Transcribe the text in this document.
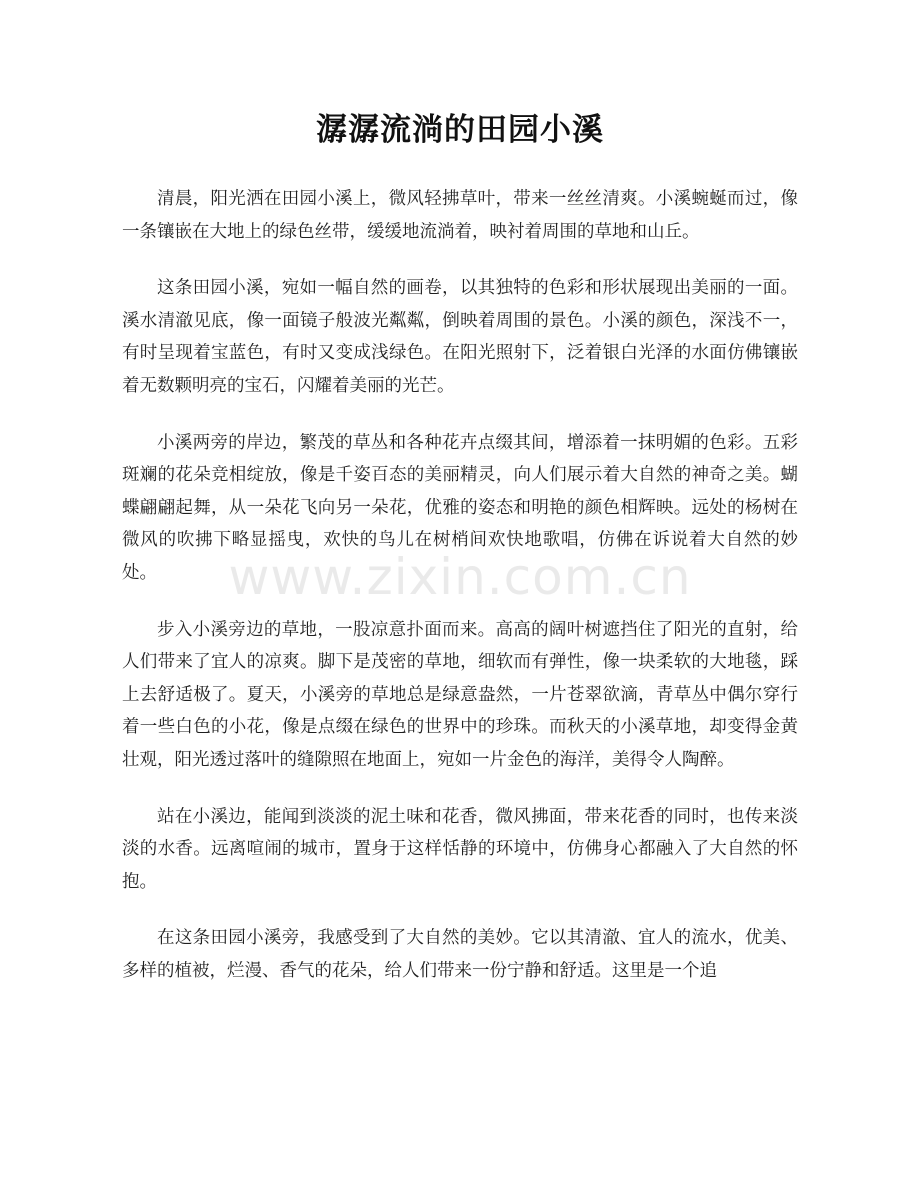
潺潺流淌的田园小溪

清晨，阳光洒在田园小溪上，微风轻拂草叶，带来一丝丝清爽。小溪蜿蜒而过，像一条镶嵌在大地上的绿色丝带，缓缓地流淌着，映衬着周围的草地和山丘。

这条田园小溪，宛如一幅自然的画卷，以其独特的色彩和形状展现出美丽的一面。溪水清澈见底，像一面镜子般波光粼粼，倒映着周围的景色。小溪的颜色，深浅不一，有时呈现着宝蓝色，有时又变成浅绿色。在阳光照射下，泛着银白光泽的水面仿佛镶嵌着无数颗明亮的宝石，闪耀着美丽的光芒。

小溪两旁的岸边，繁茂的草丛和各种花卉点缀其间，增添着一抹明媚的色彩。五彩斑斓的花朵竞相绽放，像是千姿百态的美丽精灵，向人们展示着大自然的神奇之美。蝴蝶翩翩起舞，从一朵花飞向另一朵花，优雅的姿态和明艳的颜色相辉映。远处的杨树在微风的吹拂下略显摇曳，欢快的鸟儿在树梢间欢快地歌唱，仿佛在诉说着大自然的妙处。

步入小溪旁边的草地，一股凉意扑面而来。高高的阔叶树遮挡住了阳光的直射，给人们带来了宜人的凉爽。脚下是茂密的草地，细软而有弹性，像一块柔软的大地毯，踩上去舒适极了。夏天，小溪旁的草地总是绿意盎然，一片苍翠欲滴，青草丛中偶尔穿行着一些白色的小花，像是点缀在绿色的世界中的珍珠。而秋天的小溪草地，却变得金黄壮观，阳光透过落叶的缝隙照在地面上，宛如一片金色的海洋，美得令人陶醉。

站在小溪边，能闻到淡淡的泥土味和花香，微风拂面，带来花香的同时，也传来淡淡的水香。远离喧闹的城市，置身于这样恬静的环境中，仿佛身心都融入了大自然的怀抱。

在这条田园小溪旁，我感受到了大自然的美妙。它以其清澈、宜人的流水，优美、多样的植被，烂漫、香气的花朵，给人们带来一份宁静和舒适。这里是一个追

www.zixin.com.cn
